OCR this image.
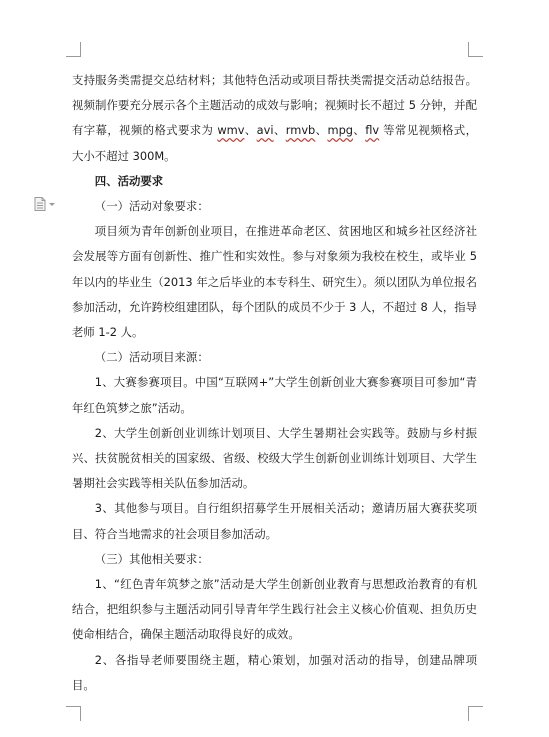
支持服务类需提交总结材料；其他特色活动或项目帮扶类需提交活动总结报告。视频制作要充分展示各个主题活动的成效与影响；视频时长不超过 5 分钟，并配有字幕，视频的格式要求为 wmv、avi、rmvb、mpg、flv 等常见视频格式，大小不超过 300M。

四、活动要求

（一）活动对象要求：

项目须为青年创新创业项目，在推进革命老区、贫困地区和城乡社区经济社会发展等方面有创新性、推广性和实效性。参与对象须为我校在校生，或毕业 5 年以内的毕业生（2013 年之后毕业的本专科生、研究生）。须以团队为单位报名参加活动，允许跨校组建团队，每个团队的成员不少于 3 人，不超过 8 人，指导老师 1-2 人。

（二）活动项目来源：

1、大赛参赛项目。中国“互联网+”大学生创新创业大赛参赛项目可参加“青年红色筑梦之旅”活动。

2、大学生创新创业训练计划项目、大学生暑期社会实践等。鼓励与乡村振兴、扶贫脱贫相关的国家级、省级、校级大学生创新创业训练计划项目、大学生暑期社会实践等相关队伍参加活动。

3、其他参与项目。自行组织招募学生开展相关活动；邀请历届大赛获奖项目、符合当地需求的社会项目参加活动。

（三）其他相关要求：

1、“红色青年筑梦之旅”活动是大学生创新创业教育与思想政治教育的有机结合，把组织参与主题活动同引导青年学生践行社会主义核心价值观、担负历史使命相结合，确保主题活动取得良好的成效。

2、各指导老师要围绕主题，精心策划，加强对活动的指导，创建品牌项目。
